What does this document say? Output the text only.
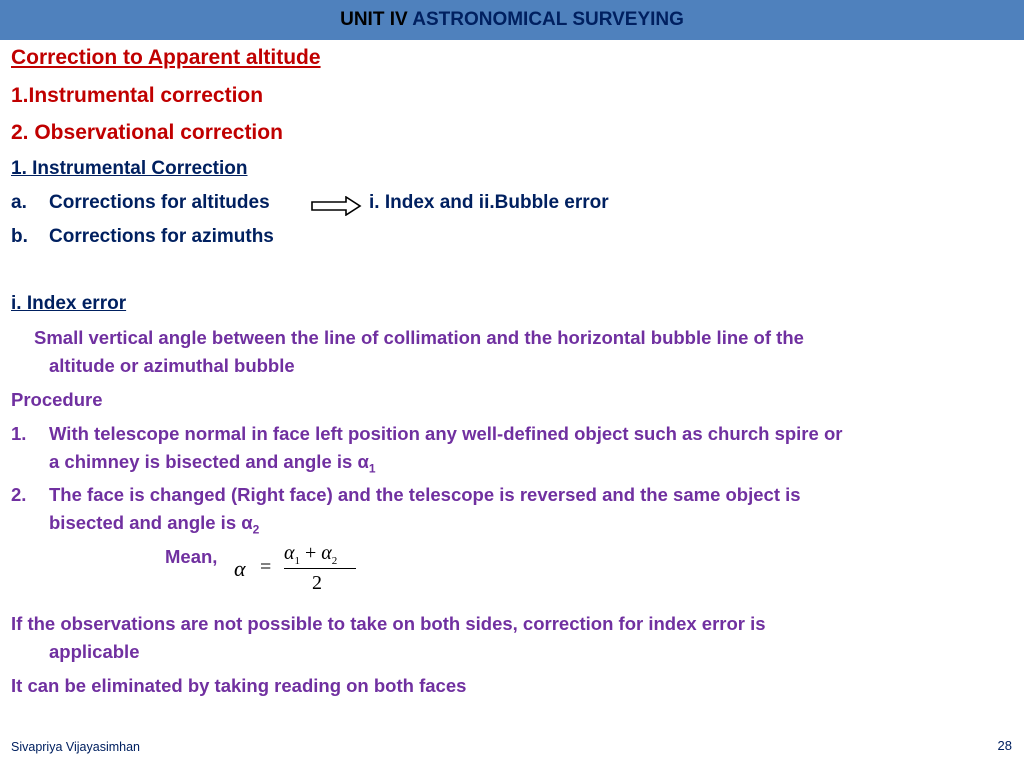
UNIT IV ASTRONOMICAL SURVEYING
Correction to Apparent altitude
1.Instrumental correction
2. Observational correction
1. Instrumental Correction
a. Corrections for altitudes	i. Index and ii.Bubble error
b. Corrections for azimuths
i. Index error
Small vertical angle between the line of collimation and the horizontal bubble line of the
altitude or azimuthal bubble
Procedure
1. With telescope normal in face left position any well-defined object such as church spire or
a chimney is bisected and angle is $\alpha_1$
2. The face is changed (Right face) and the telescope is reversed and the same object is
bisected and angle is $\alpha_2$
Mean, α =
$\alpha_1 + \alpha_2$
2
If the observations are not possible to take on both sides, correction for index error is
applicable
It can be eliminated by taking reading on both faces
Sivapriya Vijayasimhan	28
